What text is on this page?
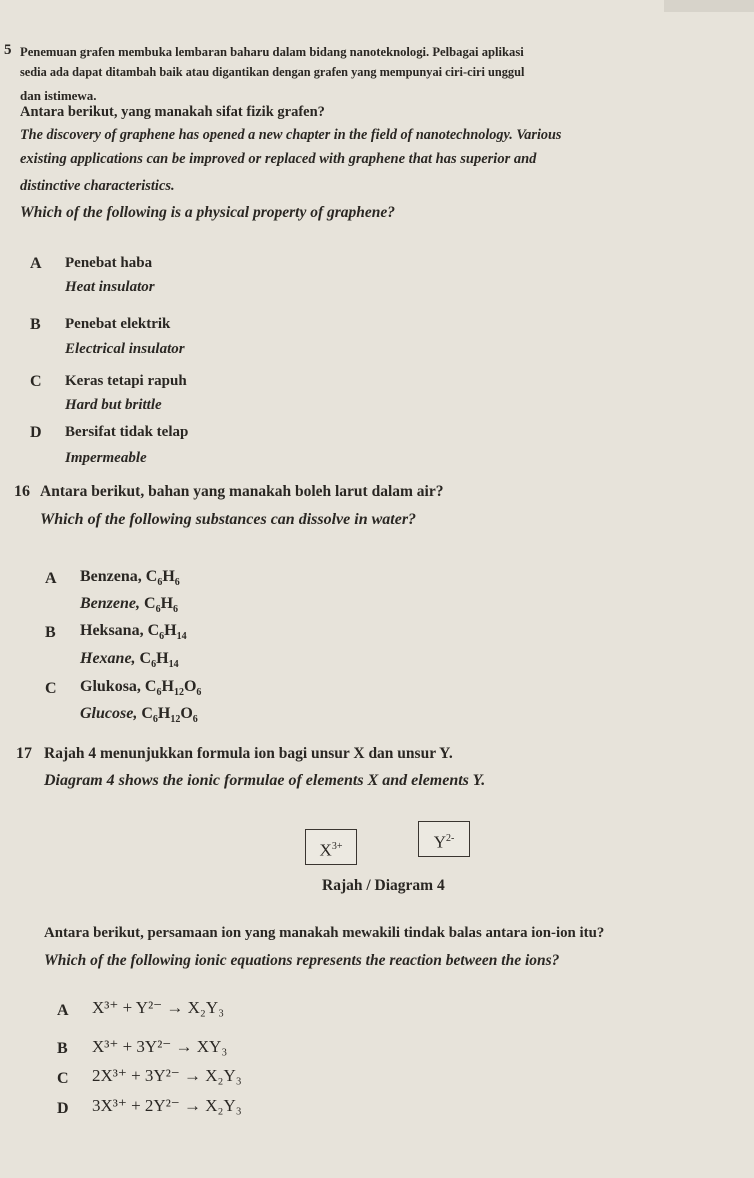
5 Penemuan grafen membuka lembaran baharu dalam bidang nanoteknologi. Pelbagai aplikasi
sedia ada dapat ditambah baik atau digantikan dengan grafen yang mempunyai ciri-ciri unggul
dan istimewa.
Antara berikut, yang manakah sifat fizik grafen?
The discovery of graphene has opened a new chapter in the field of nanotechnology. Various
existing applications can be improved or replaced with graphene that has superior and
distinctive characteristics.
Which of the following is a physical property of graphene?
A Penebat haba
Heat insulator
B Penebat elektrik
Electrical insulator
C Keras tetapi rapuh
Hard but brittle
D Bersifat tidak telap
Impermeable
16 Antara berikut, bahan yang manakah boleh larut dalam air?
Which of the following substances can dissolve in water?
A Benzena, $C_6H_6$
Benzene, $C_6H_6$
B Heksana, $C_6H_{14}$
Hexane, $C_6H_{14}$
C Glukosa, $C_6H_{12}O_6$
Glucose, $C_6H_{12}O_6$
17 Rajah 4 menunjukkan formula ion bagi unsur X dan unsur Y.
Diagram 4 shows the ionic formulae of elements X and elements Y.
$X^{3+}$	$Y^{2-}$
Rajah / Diagram 4
Antara berikut, persamaan ion yang manakah mewakili tindak balas antara ion-ion itu?
Which of the following ionic equations represents the reaction between the ions?
A X³⁺ + Y²⁻ → X₂Y₃
B X³⁺ + 3Y²⁻ → XY₃
C 2X³⁺ + 3Y²⁻ → X₂Y₃
D 3X³⁺ + 2Y²⁻ → X₂Y₃
